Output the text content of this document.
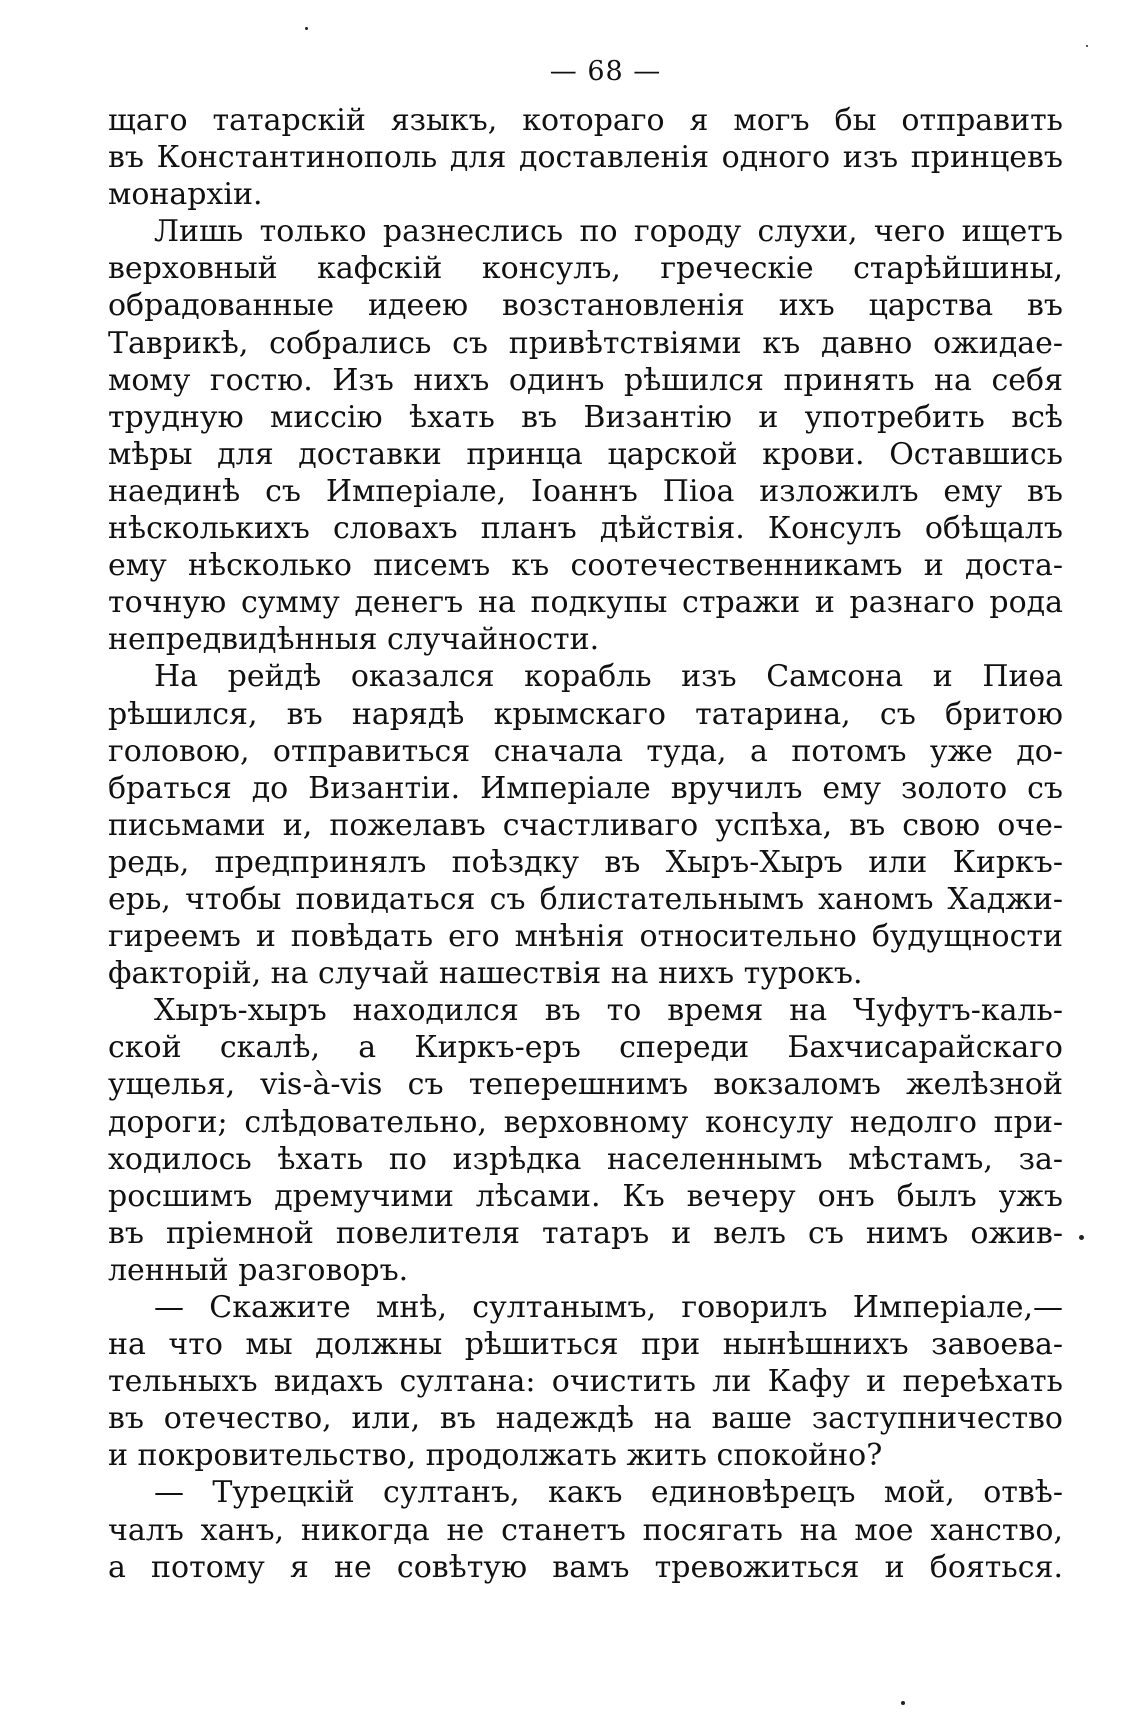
— 68 —
щаго татарскій языкъ, котораго я могъ бы отправить
въ Константинополь для доставленія одного изъ принцевъ
монархіи.
Лишь только разнеслись по городу слухи, чего ищетъ
верховный кафскій консулъ, греческіе старѣйшины,
обрадованные идеею возстановленія ихъ царства въ
Таврикѣ, собрались съ привѣтствіями къ давно ожидае-
мому гостю. Изъ нихъ одинъ рѣшился принять на себя
трудную миссію ѣхать въ Византію и употребить всѣ
мѣры для доставки принца царской крови. Оставшись
наединѣ съ Имперіале, Іоаннъ Піоа изложилъ ему въ
нѣсколькихъ словахъ планъ дѣйствія. Консулъ обѣщалъ
ему нѣсколько писемъ къ соотечественникамъ и доста-
точную сумму денегъ на подкупы стражи и разнаго рода
непредвидѣнныя случайности.
На рейдѣ оказался корабль изъ Самсона и Пиѳа
рѣшился, въ нарядѣ крымскаго татарина, съ бритою
головою, отправиться сначала туда, а потомъ уже до-
браться до Византіи. Имперіале вручилъ ему золото съ
письмами и, пожелавъ счастливаго успѣха, въ свою оче-
редь, предпринялъ поѣздку въ Хыръ-Хыръ или Киркъ-
ерь, чтобы повидаться съ блистательнымъ ханомъ Хаджи-
гиреемъ и повѣдать его мнѣнія относительно будущности
факторій, на случай нашествія на нихъ турокъ.
Хыръ-хыръ находился въ то время на Чуфутъ-каль-
ской скалѣ, а Киркъ-еръ спереди Бахчисарайскаго
ущелья, vis-à-vis съ теперешнимъ вокзаломъ желѣзной
дороги; слѣдовательно, верховному консулу недолго при-
ходилось ѣхать по изрѣдка населеннымъ мѣстамъ, за-
росшимъ дремучими лѣсами. Къ вечеру онъ былъ ужъ
въ пріемной повелителя татаръ и велъ съ нимъ ожив-
ленный разговоръ.
— Скажите мнѣ, султанымъ, говорилъ Имперіале,—
на что мы должны рѣшиться при нынѣшнихъ завоева-
тельныхъ видахъ султана: очистить ли Кафу и переѣхать
въ отечество, или, въ надеждѣ на ваше заступничество
и покровительство, продолжать жить спокойно?
— Турецкій султанъ, какъ единовѣрецъ мой, отвѣ-
чалъ ханъ, никогда не станетъ посягать на мое ханство,
а потому я не совѣтую вамъ тревожиться и бояться.
